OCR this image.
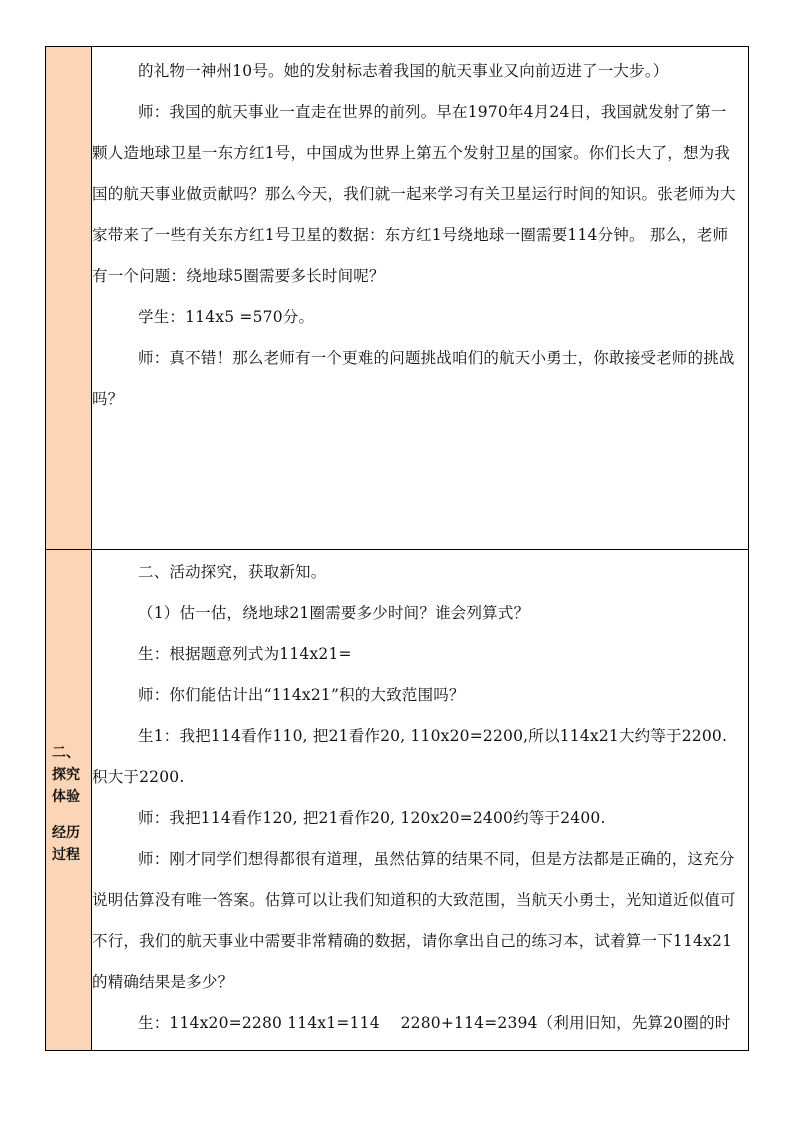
的礼物一神州10号。她的发射标志着我国的航天事业又向前迈进了一大步。）

师：我国的航天事业一直走在世界的前列。早在1970年4月24日，我国就发射了第一颗人造地球卫星一东方红1号，中国成为世界上第五个发射卫星的国家。你们长大了，想为我国的航天事业做贡献吗？那么今天，我们就一起来学习有关卫星运行时间的知识。张老师为大家带来了一些有关东方红1号卫星的数据：东方红1号绕地球一圈需要114分钟。 那么，老师有一个问题：绕地球5圈需要多长时间呢？

学生：114x5 =570分。

师：真不错！那么老师有一个更难的问题挑战咱们的航天小勇士，你敢接受老师的挑战吗？

二、
探究
体验
经历
过程

二、活动探究，获取新知。

（1）估一估，绕地球21圈需要多少时间？谁会列算式？

生：根据题意列式为114x21=

师：你们能估计出“114x21”积的大致范围吗？

生1：我把114看作110, 把21看作20, 110x20=2200,所以114x21大约等于2200.积大于2200.

师：我把114看作120, 把21看作20, 120x20=2400约等于2400.

师：刚才同学们想得都很有道理，虽然估算的结果不同，但是方法都是正确的，这充分说明估算没有唯一答案。估算可以让我们知道积的大致范围，当航天小勇士，光知道近似值可不行，我们的航天事业中需要非常精确的数据，请你拿出自己的练习本，试着算一下114x21的精确结果是多少？

生：114x20=2280 114x1=114 　2280+114=2394（利用旧知，先算20圈的时
